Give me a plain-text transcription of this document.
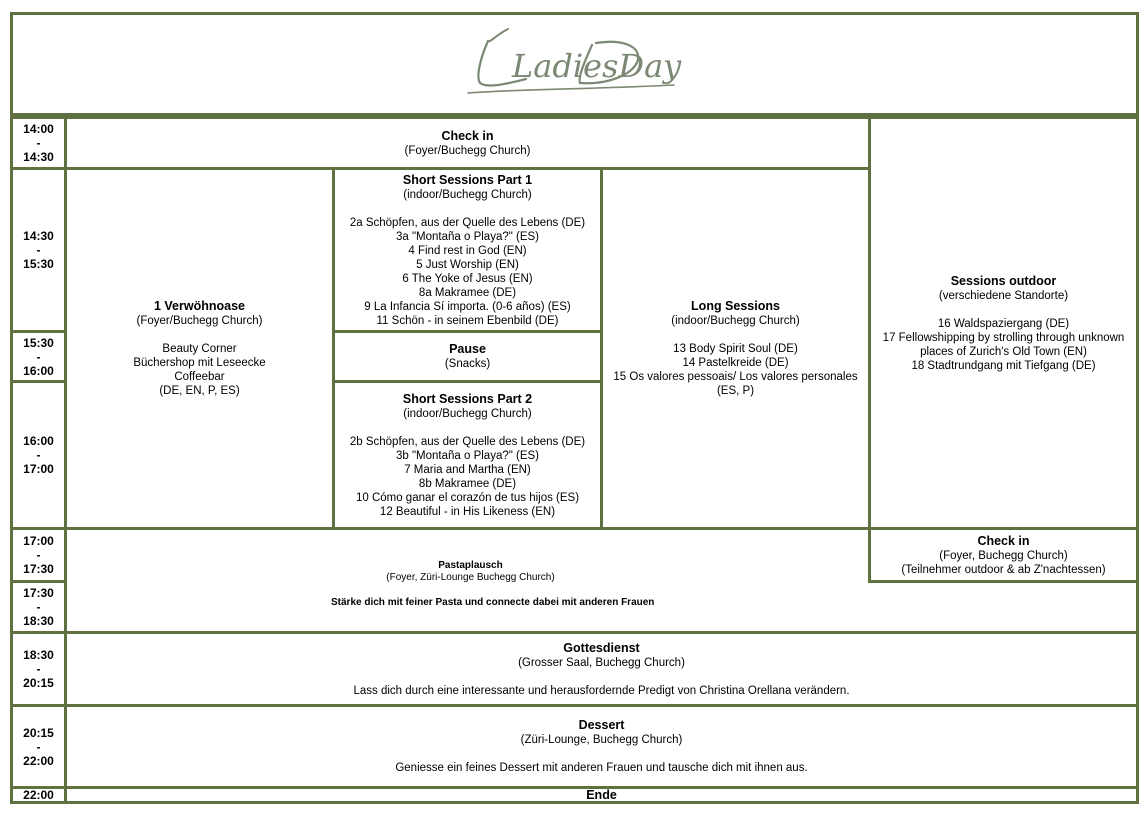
LadiesDay
14:00
-
14:30
14:30
-
15:30
15:30
-
16:00
16:00
-
17:00
17:00
-
17:30
17:30
-
18:30
18:30
-
20:15
20:15
-
22:00
22:00
Check in
(Foyer/Buchegg Church)
1 Verwöhnoase
(Foyer/Buchegg Church)
Beauty Corner
Büchershop mit Leseecke
Coffeebar
(DE, EN, P, ES)
Short Sessions Part 1
(indoor/Buchegg Church)
2a Schöpfen, aus der Quelle des Lebens (DE)
3a "Montaña o Playa?" (ES)
4 Find rest in God (EN)
5 Just Worship (EN)
6 The Yoke of Jesus (EN)
8a Makramee (DE)
9 La Infancia Sí importa. (0-6 años) (ES)
11 Schön - in seinem Ebenbild (DE)
Pause
(Snacks)
Short Sessions Part 2
(indoor/Buchegg Church)
2b Schöpfen, aus der Quelle des Lebens (DE)
3b "Montaña o Playa?" (ES)
7 Maria and Martha (EN)
8b Makramee (DE)
10 Cómo ganar el corazón de tus hijos (ES)
12 Beautiful - in His Likeness (EN)
Long Sessions
(indoor/Buchegg Church)
13 Body Spirit Soul (DE)
14 Pastelkreide (DE)
15 Os valores pessoais/ Los valores personales
(ES, P)
Sessions outdoor
(verschiedene Standorte)
16 Waldspaziergang (DE)
17 Fellowshipping by strolling through unknown
places of Zurich's Old Town (EN)
18 Stadtrundgang mit Tiefgang (DE)
Pastaplausch
(Foyer, Züri-Lounge Buchegg Church)
Stärke dich mit feiner Pasta und connecte dabei mit anderen Frauen
Check in
(Foyer, Buchegg Church)
(Teilnehmer outdoor & ab Z'nachtessen)
Gottesdienst
(Grosser Saal, Buchegg Church)
Lass dich durch eine interessante und herausfordernde Predigt von Christina Orellana verändern.
Dessert
(Züri-Lounge, Buchegg Church)
Geniesse ein feines Dessert mit anderen Frauen und tausche dich mit ihnen aus.
Ende
